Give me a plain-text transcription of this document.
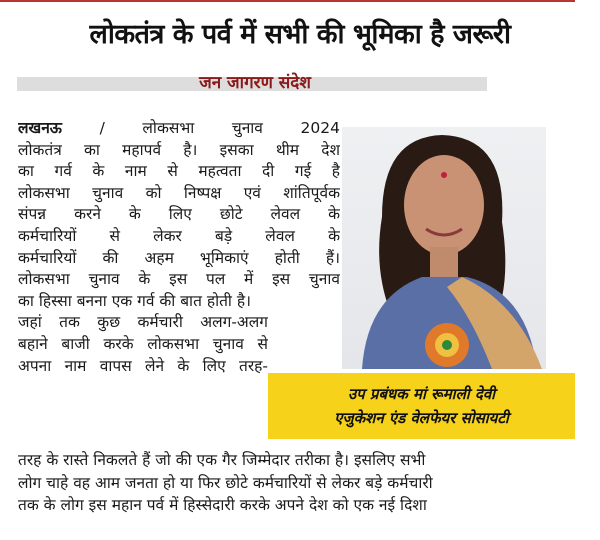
लोकतंत्र के पर्व में सभी की भूमिका है जरूरी
जन जागरण संदेश
लखनऊ / लोकसभा चुनाव 2024
लोकतंत्र का महापर्व है। इसका थीम देश
का गर्व के नाम से महत्वता दी गई है
लोकसभा चुनाव को निष्पक्ष एवं शांतिपूर्वक
संपन्न करने के लिए छोटे लेवल के
कर्मचारियों से लेकर बड़े लेवल के
कर्मचारियों की अहम भूमिकाएं होती हैं।
लोकसभा चुनाव के इस पल में इस चुनाव
का हिस्सा बनना एक गर्व की बात होती है।
जहां तक कुछ कर्मचारी अलग-अलग
बहाने बाजी करके लोकसभा चुनाव से
अपना नाम वापस लेने के लिए तरह-
उप प्रबंधक मां रूमाली देवी
एजुकेशन एंड वेलफेयर सोसायटी
तरह के रास्ते निकलते हैं जो की एक गैर जिम्मेदार तरीका है। इसलिए सभी
लोग चाहे वह आम जनता हो या फिर छोटे कर्मचारियों से लेकर बड़े कर्मचारी
तक के लोग इस महान पर्व में हिस्सेदारी करके अपने देश को एक नई दिशा
